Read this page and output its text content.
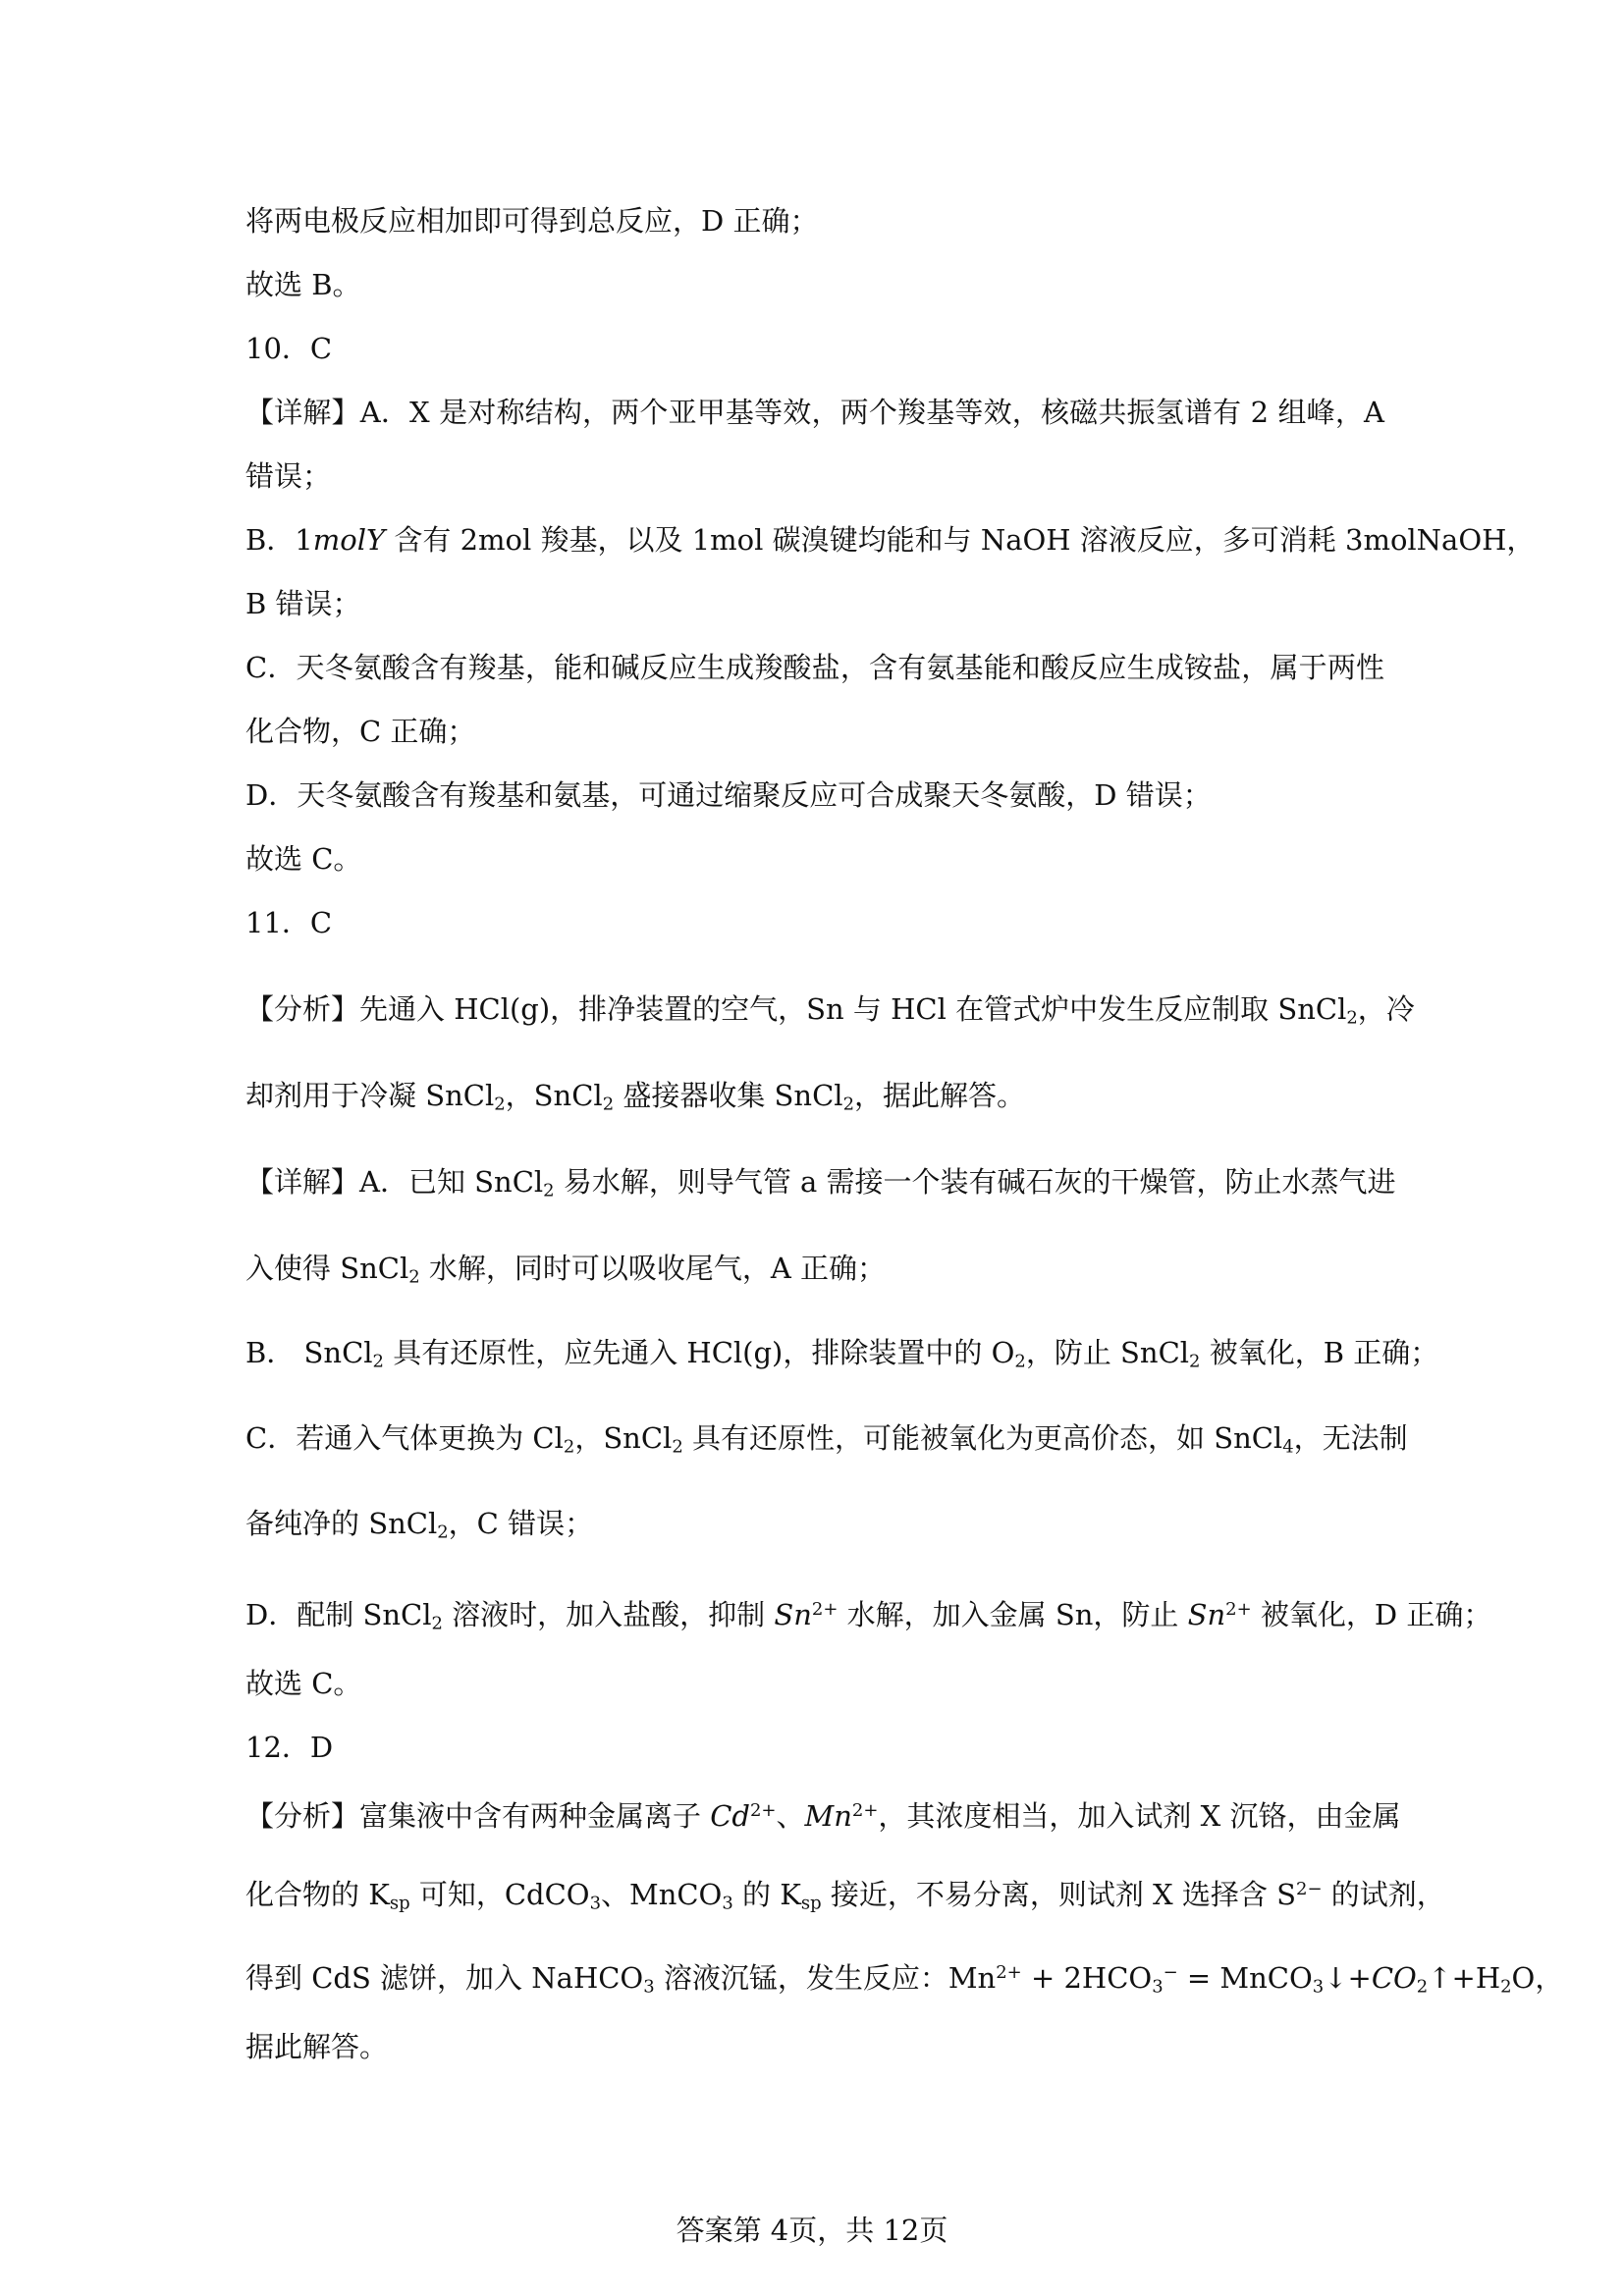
将两电极反应相加即可得到总反应，D 正确；
故选 B。
10．C
【详解】A．X 是对称结构，两个亚甲基等效，两个羧基等效，核磁共振氢谱有 2 组峰，A
错误；
B．1molY 含有 2mol 羧基，以及 1mol 碳溴键均能和与 NaOH 溶液反应，多可消耗 3molNaOH，
B 错误；
C．天冬氨酸含有羧基，能和碱反应生成羧酸盐，含有氨基能和酸反应生成铵盐，属于两性
化合物，C 正确；
D．天冬氨酸含有羧基和氨基，可通过缩聚反应可合成聚天冬氨酸，D 错误；
故选 C。
11．C
【分析】先通入 HCl(g)，排净装置的空气，Sn 与 HCl 在管式炉中发生反应制取 SnCl$_2$，冷
却剂用于冷凝 SnCl$_2$，SnCl$_2$ 盛接器收集 SnCl$_2$，据此解答。
【详解】A．已知 SnCl$_2$ 易水解，则导气管 a 需接一个装有碱石灰的干燥管，防止水蒸气进
入使得 SnCl$_2$ 水解，同时可以吸收尾气，A 正确；
B． SnCl$_2$ 具有还原性，应先通入 HCl(g)，排除装置中的 $O_2$，防止 SnCl$_2$ 被氧化，B 正确；
C．若通入气体更换为 $Cl_2$，SnCl$_2$ 具有还原性，可能被氧化为更高价态，如 SnCl$_4$，无法制
备纯净的 SnCl$_2$，C 错误；
D．配制 SnCl$_2$ 溶液时，加入盐酸，抑制 $Sn^{2+}$ 水解，加入金属 Sn，防止 $Sn^{2+}$ 被氧化，D 正确；
故选 C。
12．D
【分析】富集液中含有两种金属离子 $Cd^{2+}$、$Mn^{2+}$，其浓度相当，加入试剂 X 沉铬，由金属
化合物的 $K_{sp}$ 可知，CdCO$_3$、MnCO$_3$ 的 $K_{sp}$ 接近，不易分离，则试剂 X 选择含 $S^{2-}$ 的试剂，
得到 CdS 滤饼，加入 NaHCO$_3$ 溶液沉锰，发生反应：$Mn^{2+} + 2HCO_3^-$ = $MnCO_3↓+CO_2↑+H_2O$，
据此解答。
答案第 4页，共 12页
